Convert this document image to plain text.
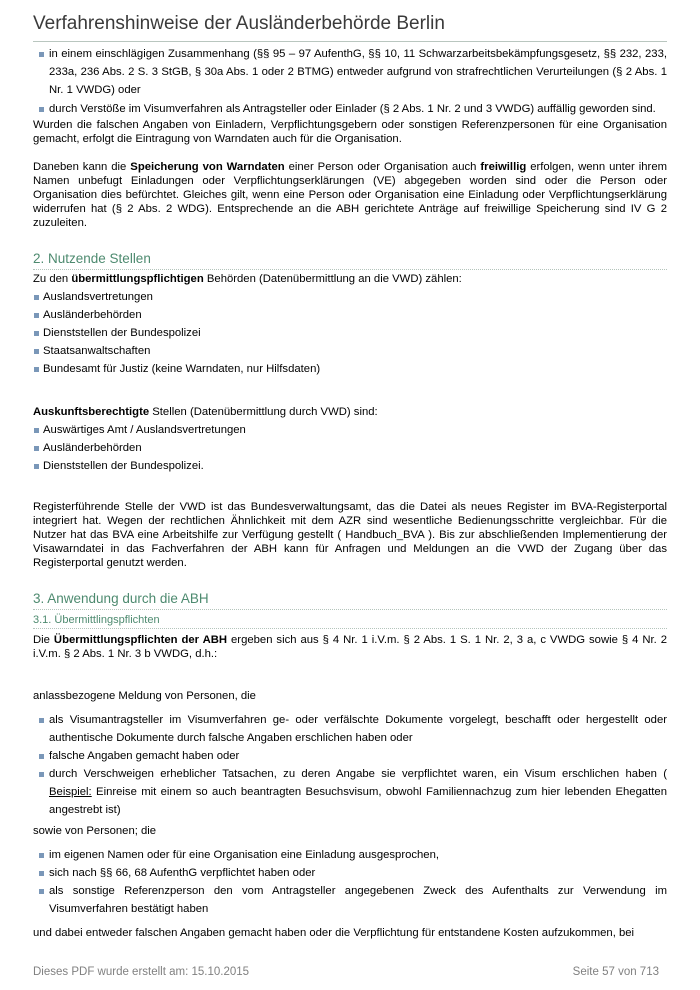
Verfahrenshinweise der Ausländerbehörde Berlin
in einem einschlägigen Zusammenhang (§§ 95 – 97 AufenthG, §§ 10, 11 Schwarzarbeitsbekämpfungsgesetz, §§ 232, 233, 233a, 236 Abs. 2 S. 3 StGB, § 30a Abs. 1 oder 2 BTMG) entweder aufgrund von strafrechtlichen Verurteilungen (§ 2 Abs. 1 Nr. 1 VWDG) oder
durch Verstöße im Visumverfahren als Antragsteller oder Einlader (§ 2 Abs. 1 Nr. 2 und 3 VWDG) auffällig geworden sind.
Wurden die falschen Angaben von Einladern, Verpflichtungsgebern oder sonstigen Referenzpersonen für eine Organisation gemacht, erfolgt die Eintragung von Warndaten auch für die Organisation.
Daneben kann die Speicherung von Warndaten einer Person oder Organisation auch freiwillig erfolgen, wenn unter ihrem Namen unbefugt Einladungen oder Verpflichtungserklärungen (VE) abgegeben worden sind oder die Person oder Organisation dies befürchtet. Gleiches gilt, wenn eine Person oder Organisation eine Einladung oder Verpflichtungserklärung widerrufen hat (§ 2 Abs. 2 WDG). Entsprechende an die ABH gerichtete Anträge auf freiwillige Speicherung sind IV G 2 zuzuleiten.
2. Nutzende Stellen
Zu den übermittlungspflichtigen Behörden (Datenübermittlung an die VWD) zählen:
Auslandsvertretungen
Ausländerbehörden
Dienststellen der Bundespolizei
Staatsanwaltschaften
Bundesamt für Justiz (keine Warndaten, nur Hilfsdaten)
Auskunftsberechtigte Stellen (Datenübermittlung durch VWD) sind:
Auswärtiges Amt / Auslandsvertretungen
Ausländerbehörden
Dienststellen der Bundespolizei.
Registerführende Stelle der VWD ist das Bundesverwaltungsamt, das die Datei als neues Register im BVA-Registerportal integriert hat. Wegen der rechtlichen Ähnlichkeit mit dem AZR sind wesentliche Bedienungsschritte vergleichbar. Für die Nutzer hat das BVA eine Arbeitshilfe zur Verfügung gestellt ( Handbuch_BVA ). Bis zur abschließenden Implementierung der Visawarndatei in das Fachverfahren der ABH kann für Anfragen und Meldungen an die VWD der Zugang über das Registerportal genutzt werden.
3. Anwendung durch die ABH
3.1. Übermittlingspflichten
Die Übermittlungspflichten der ABH ergeben sich aus § 4 Nr. 1 i.V.m. § 2 Abs. 1 S. 1 Nr. 2, 3 a, c VWDG sowie § 4 Nr. 2 i.V.m. § 2 Abs. 1 Nr. 3 b VWDG, d.h.:
anlassbezogene Meldung von Personen, die
als Visumantragsteller im Visumverfahren ge- oder verfälschte Dokumente vorgelegt, beschafft oder hergestellt oder authentische Dokumente durch falsche Angaben erschlichen haben oder
falsche Angaben gemacht haben oder
durch Verschweigen erheblicher Tatsachen, zu deren Angabe sie verpflichtet waren, ein Visum erschlichen haben ( Beispiel: Einreise mit einem so auch beantragten Besuchsvisum, obwohl Familiennachzug zum hier lebenden Ehegatten angestrebt ist)
sowie von Personen; die
im eigenen Namen oder für eine Organisation eine Einladung ausgesprochen,
sich nach §§ 66, 68 AufenthG verpflichtet haben oder
als sonstige Referenzperson den vom Antragsteller angegebenen Zweck des Aufenthalts zur Verwendung im Visumverfahren bestätigt haben
und dabei entweder falschen Angaben gemacht haben oder die Verpflichtung für entstandene Kosten aufzukommen, bei
Dieses PDF wurde erstellt am: 15.10.2015	Seite 57 von 713
